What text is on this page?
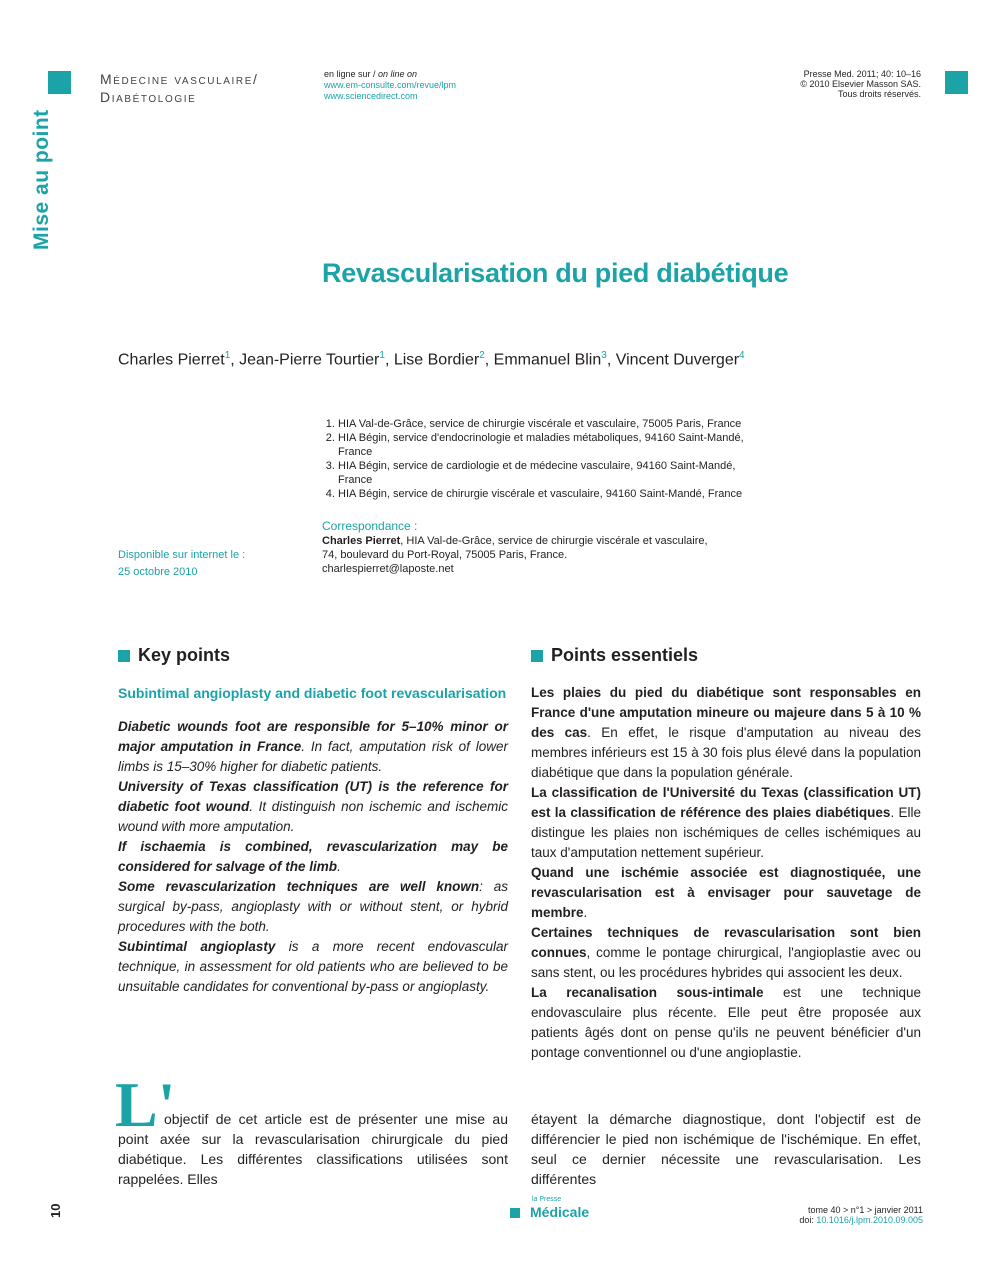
Mise au point
Médecine vasculaire/
Diabétologie
en ligne sur / on line on
www.em-consulte.com/revue/lpm
www.sciencedirect.com
Presse Med. 2011; 40: 10–16
© 2010 Elsevier Masson SAS.
Tous droits réservés.
Revascularisation du pied diabétique
Charles Pierret$^1$, Jean-Pierre Tourtier$^1$, Lise Bordier$^2$, Emmanuel Blin$^3$, Vincent Duverger$^4$
1. HIA Val-de-Grâce, service de chirurgie viscérale et vasculaire, 75005 Paris, France
2. HIA Bégin, service d'endocrinologie et maladies métaboliques, 94160 Saint-Mandé, France
3. HIA Bégin, service de cardiologie et de médecine vasculaire, 94160 Saint-Mandé, France
4. HIA Bégin, service de chirurgie viscérale et vasculaire, 94160 Saint-Mandé, France
Disponible sur internet le :
25 octobre 2010
Correspondance :
Charles Pierret, HIA Val-de-Grâce, service de chirurgie viscérale et vasculaire,
74, boulevard du Port-Royal, 75005 Paris, France.
charlespierret@laposte.net
Key points
Subintimal angioplasty and diabetic foot revascularisation

Diabetic wounds foot are responsible for 5–10% minor or major amputation in France. In fact, amputation risk of lower limbs is 15–30% higher for diabetic patients.

University of Texas classification (UT) is the reference for diabetic foot wound. It distinguish non ischemic and ischemic wound with more amputation.

If ischaemia is combined, revascularization may be considered for salvage of the limb.

Some revascularization techniques are well known: as surgical by-pass, angioplasty with or without stent, or hybrid procedures with the both.

Subintimal angioplasty is a more recent endovascular technique, in assessment for old patients who are believed to be unsuitable candidates for conventional by-pass or angioplasty.

Points essentiels

Les plaies du pied du diabétique sont responsables en France d'une amputation mineure ou majeure dans 5 à 10 % des cas. En effet, le risque d'amputation au niveau des membres inférieurs est 15 à 30 fois plus élevé dans la population diabétique que dans la population générale.

La classification de l'Université du Texas (classification UT) est la classification de référence des plaies diabétiques. Elle distingue les plaies non ischémiques de celles ischémiques au taux d'amputation nettement supérieur.

Quand une ischémie associée est diagnostiquée, une revascularisation est à envisager pour sauvetage de membre.

Certaines techniques de revascularisation sont bien connues, comme le pontage chirurgical, l'angioplastie avec ou sans stent, ou les procédures hybrides qui associent les deux.

La recanalisation sous-intimale est une technique endovasculaire plus récente. Elle peut être proposée aux patients âgés dont on pense qu'ils ne peuvent bénéficier d'un pontage conventionnel ou d'une angioplastie.

L'
objectif de cet article est de présenter une mise au point axée sur la revascularisation chirurgicale du pied diabétique. Les différentes classifications utilisées sont rappelées. Elles
étayent la démarche diagnostique, dont l'objectif est de différencier le pied non ischémique de l'ischémique. En effet, seul ce dernier nécessite une revascularisation. Les différentes
10
la Presse
Médicale	tome 40 > n°1 > janvier 2011
doi: 10.1016/j.lpm.2010.09.005
